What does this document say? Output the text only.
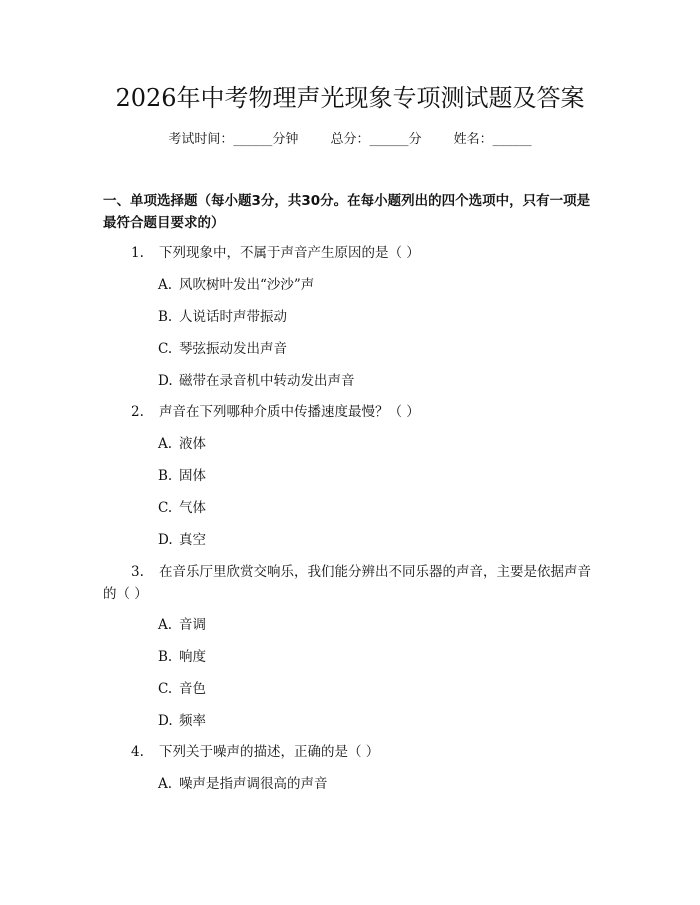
2026年中考物理声光现象专项测试题及答案
考试时间：______分钟 总分：______分 姓名：______
一、单项选择题（每小题3分，共30分。在每小题列出的四个选项中，只有一项是最符合题目要求的）
1. 下列现象中，不属于声音产生原因的是（ ）
A. 风吹树叶发出“沙沙”声
B. 人说话时声带振动
C. 琴弦振动发出声音
D. 磁带在录音机中转动发出声音
2. 声音在下列哪种介质中传播速度最慢？（ ）
A. 液体
B. 固体
C. 气体
D. 真空
3. 在音乐厅里欣赏交响乐，我们能分辨出不同乐器的声音，主要是依据声音的（ ）
A. 音调
B. 响度
C. 音色
D. 频率
4. 下列关于噪声的描述，正确的是（ ）
A. 噪声是指声调很高的声音
